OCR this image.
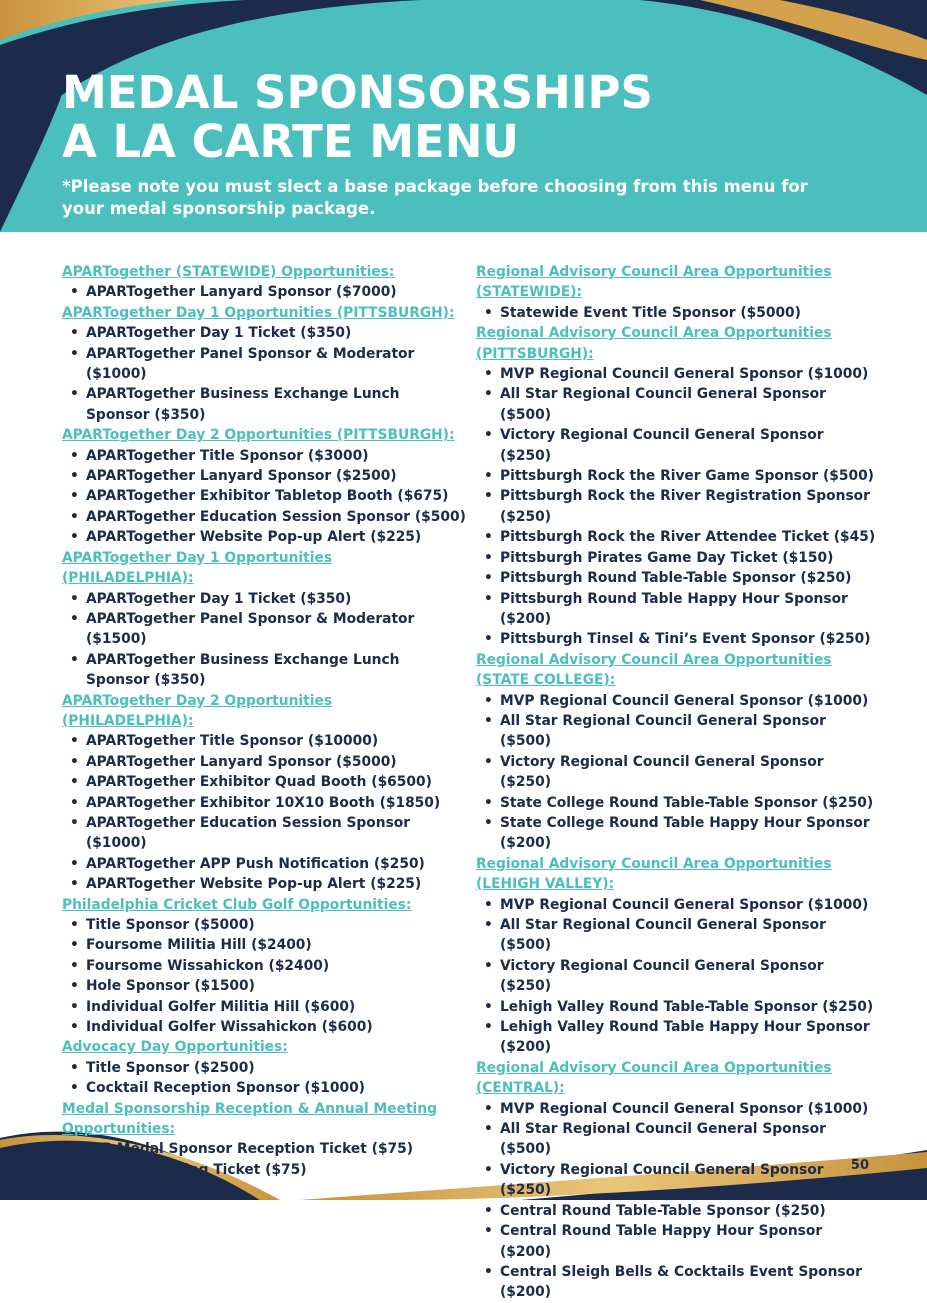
MEDAL SPONSORSHIPS
A LA CARTE MENU
*Please note you must slect a base package before choosing from this menu for your medal sponsorship package.
APARTogether (STATEWIDE) Opportunities:
• APARTogether Lanyard Sponsor ($7000)
APARTogether Day 1 Opportunities (PITTSBURGH):
• APARTogether Day 1 Ticket ($350)
• APARTogether Panel Sponsor & Moderator ($1000)
• APARTogether Business Exchange Lunch Sponsor ($350)
APARTogether Day 2 Opportunities (PITTSBURGH):
• APARTogether Title Sponsor ($3000)
• APARTogether Lanyard Sponsor ($2500)
• APARTogether Exhibitor Tabletop Booth ($675)
• APARTogether Education Session Sponsor ($500)
• APARTogether Website Pop-up Alert ($225)
APARTogether Day 1 Opportunities (PHILADELPHIA):
• APARTogether Day 1 Ticket ($350)
• APARTogether Panel Sponsor & Moderator ($1500)
• APARTogether Business Exchange Lunch Sponsor ($350)
APARTogether Day 2 Opportunities (PHILADELPHIA):
• APARTogether Title Sponsor ($10000)
• APARTogether Lanyard Sponsor ($5000)
• APARTogether Exhibitor Quad Booth ($6500)
• APARTogether Exhibitor 10X10 Booth ($1850)
• APARTogether Education Session Sponsor ($1000)
• APARTogether APP Push Notification ($250)
• APARTogether Website Pop-up Alert ($225)
Philadelphia Cricket Club Golf Opportunities:
• Title Sponsor ($5000)
• Foursome Militia Hill ($2400)
• Foursome Wissahickon ($2400)
• Hole Sponsor ($1500)
• Individual Golfer Militia Hill ($600)
• Individual Golfer Wissahickon ($600)
Advocacy Day Opportunities:
• Title Sponsor ($2500)
• Cocktail Reception Sponsor ($1000)
Medal Sponsorship Reception & Annual Meeting Opportunities:
• VIP Medal Sponsor Reception Ticket ($75)
• Annual Meeting Ticket ($75)
Regional Advisory Council Area Opportunities (STATEWIDE):
• Statewide Event Title Sponsor ($5000)
Regional Advisory Council Area Opportunities (PITTSBURGH):
• MVP Regional Council General Sponsor ($1000)
• All Star Regional Council General Sponsor ($500)
• Victory Regional Council General Sponsor ($250)
• Pittsburgh Rock the River Game Sponsor ($500)
• Pittsburgh Rock the River Registration Sponsor ($250)
• Pittsburgh Rock the River Attendee Ticket ($45)
• Pittsburgh Pirates Game Day Ticket ($150)
• Pittsburgh Round Table-Table Sponsor ($250)
• Pittsburgh Round Table Happy Hour Sponsor ($200)
• Pittsburgh Tinsel & Tini’s Event Sponsor ($250)
Regional Advisory Council Area Opportunities (STATE COLLEGE):
• MVP Regional Council General Sponsor ($1000)
• All Star Regional Council General Sponsor ($500)
• Victory Regional Council General Sponsor ($250)
• State College Round Table-Table Sponsor ($250)
• State College Round Table Happy Hour Sponsor ($200)
Regional Advisory Council Area Opportunities (LEHIGH VALLEY):
• MVP Regional Council General Sponsor ($1000)
• All Star Regional Council General Sponsor ($500)
• Victory Regional Council General Sponsor ($250)
• Lehigh Valley Round Table-Table Sponsor ($250)
• Lehigh Valley Round Table Happy Hour Sponsor ($200)
Regional Advisory Council Area Opportunities (CENTRAL):
• MVP Regional Council General Sponsor ($1000)
• All Star Regional Council General Sponsor ($500)
• Victory Regional Council General Sponsor ($250)
• Central Round Table-Table Sponsor ($250)
• Central Round Table Happy Hour Sponsor ($200)
• Central Sleigh Bells & Cocktails Event Sponsor ($200)
50
